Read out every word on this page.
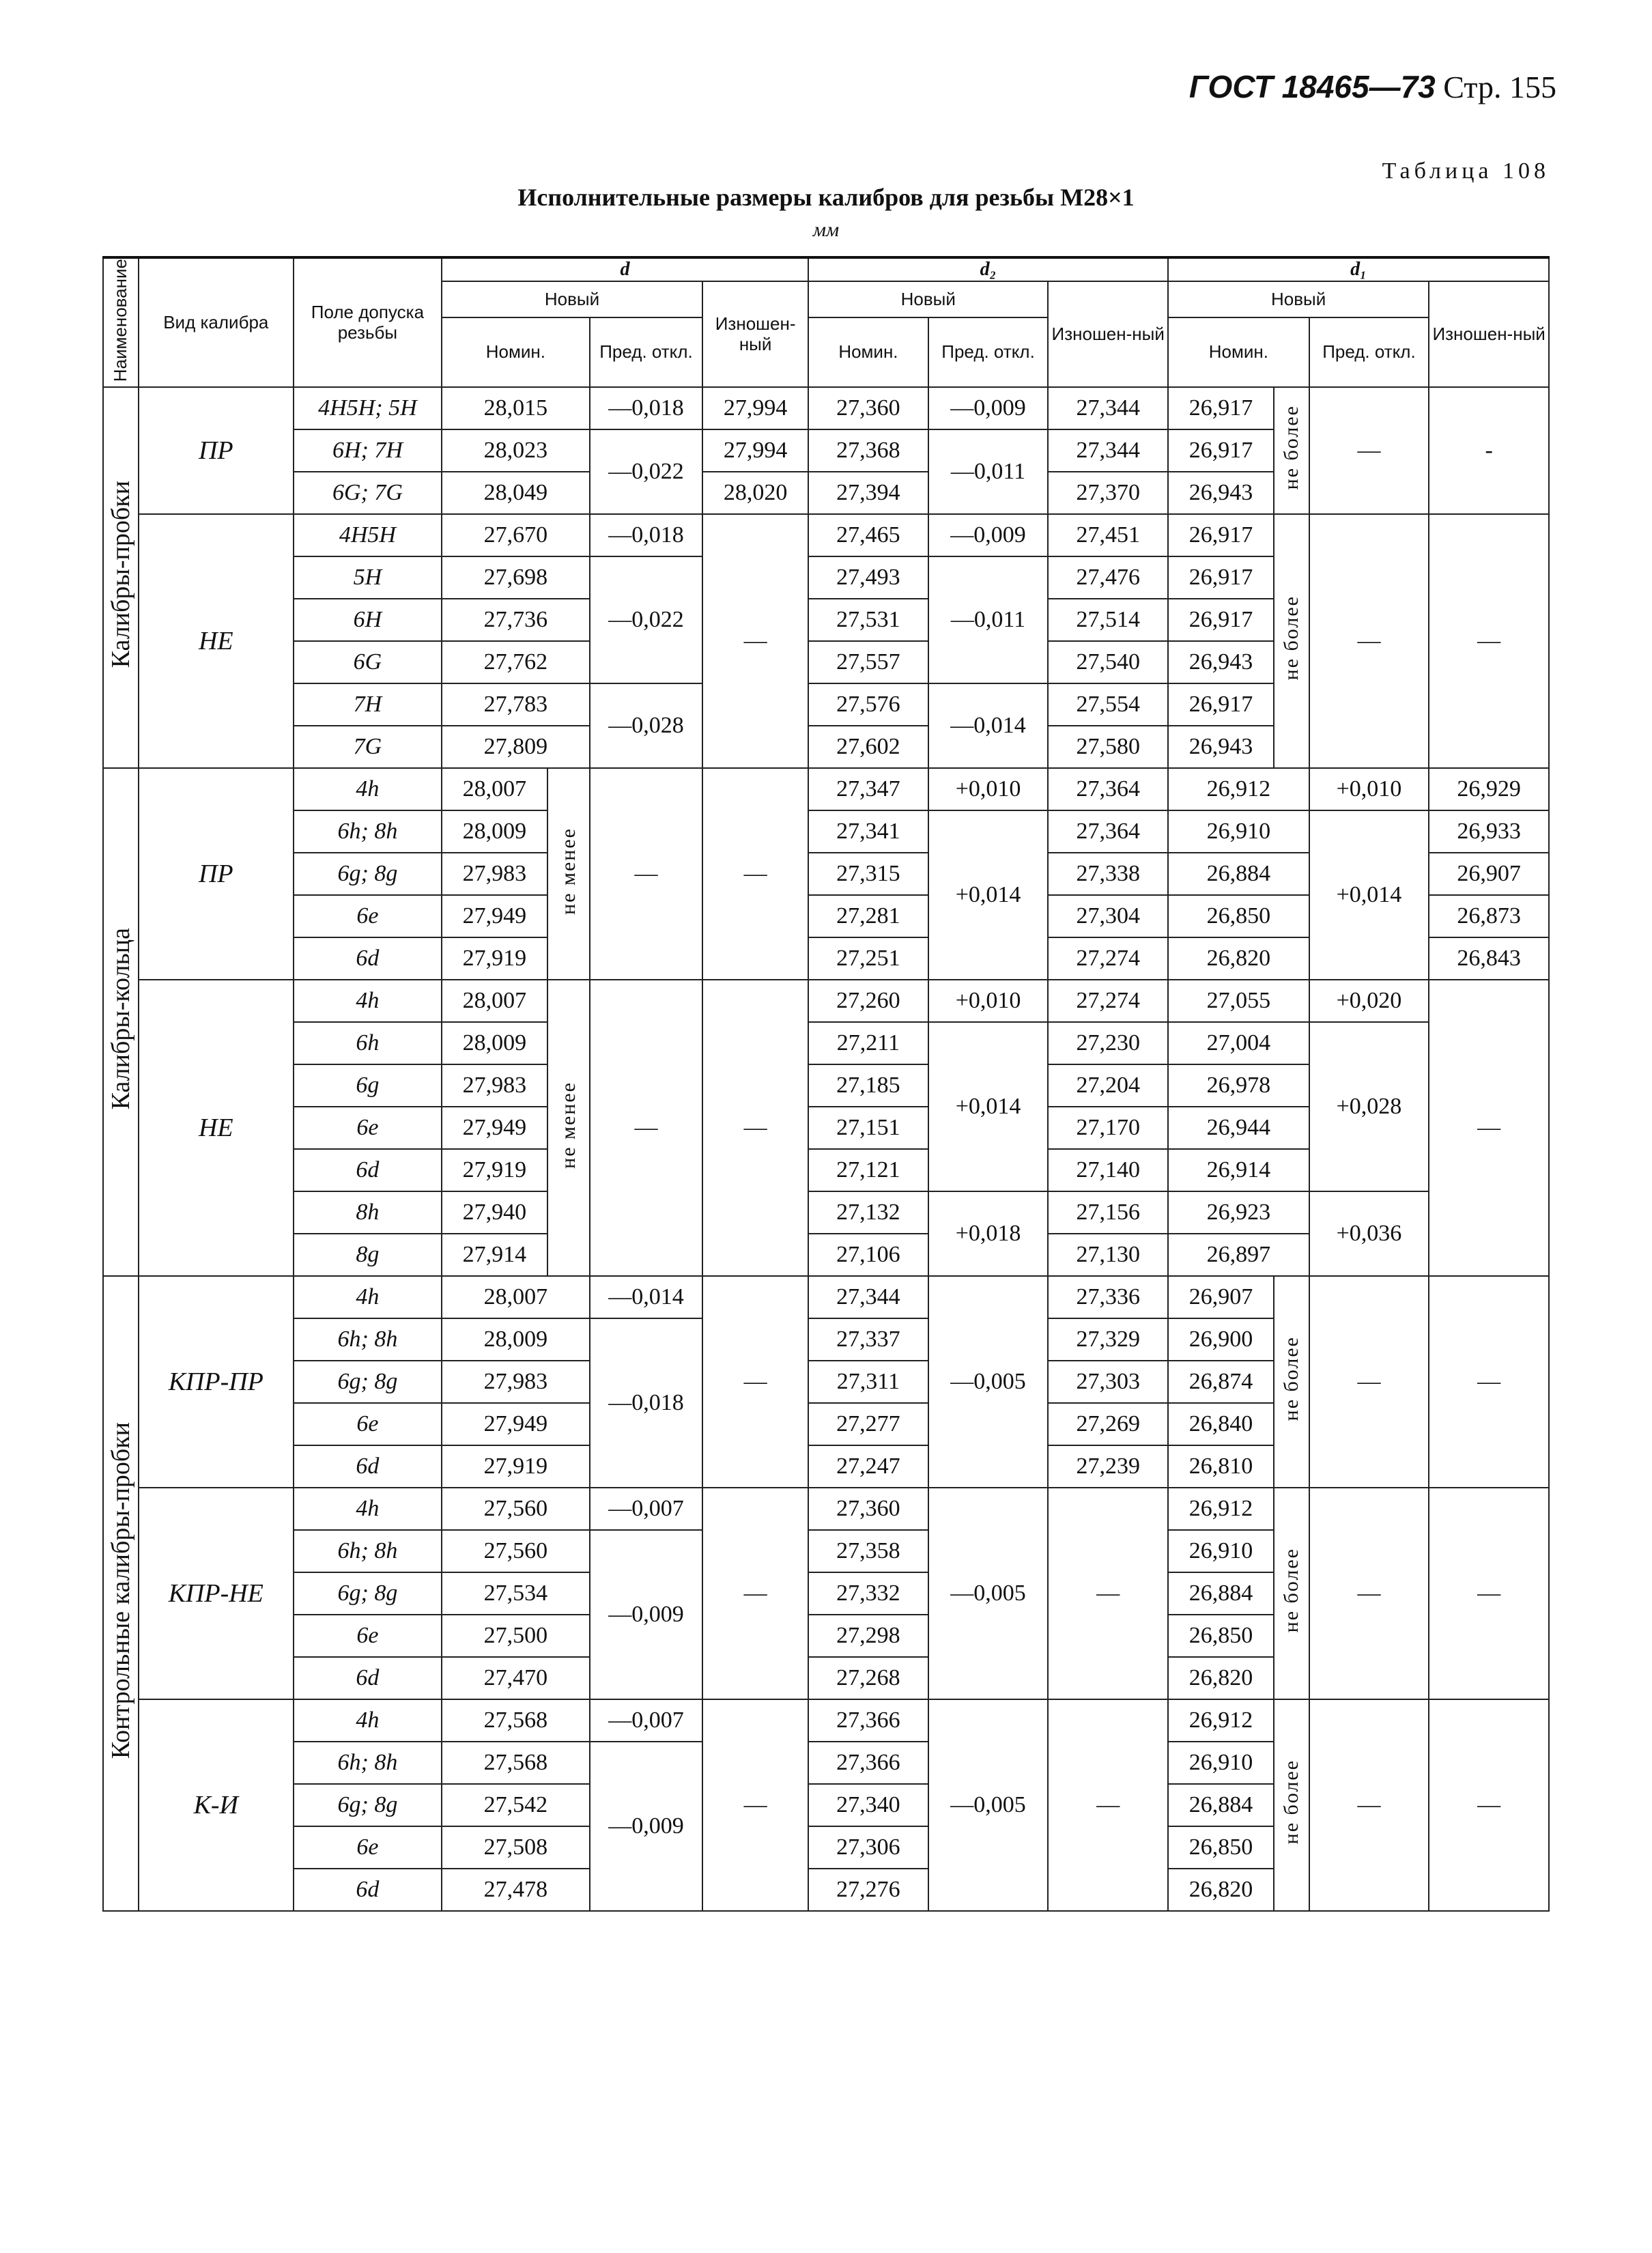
ГОСТ 18465—73 Стр. 155
Таблица 108
Исполнительные размеры калибров для резьбы М28×1
мм
Наименование	Вид калибра	Поле допуска резьбы	d				d₂			d₁			
			Новый			Изношен-ный	Новый		Изношен-ный	Новый			Изношен-ный
			Номин.		Пред. откл.		Номин.	Пред. откл.		Номин.		Пред. откл.	
Калибры-пробки	ПР	4H5H; 5H	28,015		—0,018	27,994	27,360	—0,009	27,344	26,917	не более	—	-
		6H; 7H	28,023		—0,022	27,994	27,368	—0,011	27,344	26,917			
		6G; 7G	28,049			28,020	27,394		27,370	26,943			
	НЕ	4H5H	27,670		—0,018	—	27,465	—0,009	27,451	26,917	не более	—	—
		5H	27,698		—0,022		27,493	—0,011	27,476	26,917			
		6H	27,736				27,531		27,514	26,917			
		6G	27,762				27,557		27,540	26,943			
		7H	27,783		—0,028		27,576	—0,014	27,554	26,917			
		7G	27,809				27,602		27,580	26,943			
Калибры-кольца	ПР	4h	28,007	не менее	—	—	27,347	+0,010	27,364	26,912		+0,010	26,929
		6h; 8h	28,009				27,341	+0,014	27,364	26,910		+0,014	26,933
		6g; 8g	27,983				27,315		27,338	26,884			26,907
		6e	27,949				27,281		27,304	26,850			26,873
		6d	27,919				27,251		27,274	26,820			26,843
	НЕ	4h	28,007	не менее	—	—	27,260	+0,010	27,274	27,055		+0,020	—
		6h	28,009				27,211	+0,014	27,230	27,004		+0,028	
		6g	27,983				27,185		27,204	26,978			
		6e	27,949				27,151		27,170	26,944			
		6d	27,919				27,121		27,140	26,914			
		8h	27,940				27,132	+0,018	27,156	26,923		+0,036	
		8g	27,914				27,106		27,130	26,897			
Контрольные калибры-пробки	КПР-ПР	4h	28,007		—0,014	—	27,344	—0,005	27,336	26,907	не более	—	—
		6h; 8h	28,009		—0,018		27,337		27,329	26,900			
		6g; 8g	27,983				27,311		27,303	26,874			
		6e	27,949				27,277		27,269	26,840			
		6d	27,919				27,247		27,239	26,810			
	КПР-НЕ	4h	27,560		—0,007	—	27,360	—0,005	—	26,912	не более	—	—
		6h; 8h	27,560		—0,009		27,358			26,910			
		6g; 8g	27,534				27,332			26,884			
		6e	27,500				27,298			26,850			
		6d	27,470				27,268			26,820			
	К-И	4h	27,568		—0,007	—	27,366	—0,005	—	26,912	не более	—	—
		6h; 8h	27,568		—0,009		27,366			26,910			
		6g; 8g	27,542				27,340			26,884			
		6e	27,508				27,306			26,850			
		6d	27,478				27,276			26,820			
